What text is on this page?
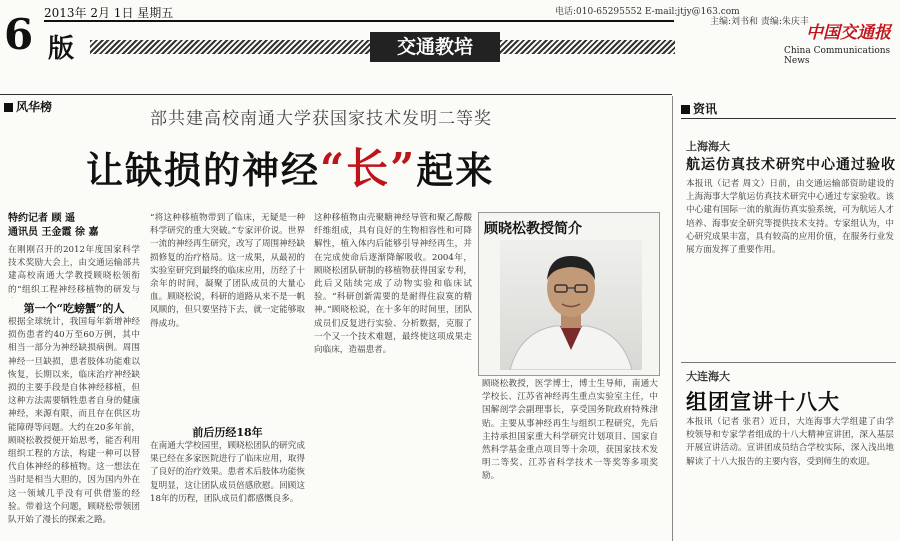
6 2013年 2月 1日 星期五
版	交通教培
电话:010-65295552 E-mail:jtjy@163.com
主编:刘书和 责编:朱庆丰
中国交通报
China Communications News
风华榜
部共建高校南通大学获国家技术发明二等奖
让缺损的神经“长”起来
特约记者 顾 遥
通讯员 王金霞 徐 嘉
在刚刚召开的2012年度国家科学技术奖励大会上，由交通运输部共建高校南通大学教授顾晓松领衔的“组织工程神经移植物的研发与
第一个“吃螃蟹”的人
根据全球统计，我国每年新增神经损伤患者约40万至60万例，其中相当一部分为神经缺损病例。周围神经一旦缺损，患者肢体功能难以恢复，长期以来，临床治疗神经缺损的主要手段是自体神经移植，但这种方法需要牺牲患者自身的健康神经，来源有限，而且存在供区功能障碍等问题。大约在20多年前，顾晓松教授便开始思考，能否利用组织工程的方法，构建一种可以替代自体神经的移植物。这一想法在当时是相当大胆的，因为国内外在这一领域几乎没有可供借鉴的经验。带着这个问题，顾晓松带领团队开始了漫长的探索之路。
“将这种移植物带到了临床，无疑是一种科学研究的重大突破。”专家评价说。世界一流的神经再生研究，改写了周围神经缺损修复的治疗格局。这一成果，从最初的实验室研究到最终的临床应用，历经了十余年的时间，凝聚了团队成员的大量心血。顾晓松说，科研的道路从来不是一帆风顺的，但只要坚持下去，就一定能够取得成功。
前后历经18年
在南通大学校园里，顾晓松团队的研究成果已经在多家医院进行了临床应用，取得了良好的治疗效果。患者术后肢体功能恢复明显，这让团队成员倍感欣慰。回顾这18年的历程，团队成员们都感慨良多。
这种移植物由壳聚糖神经导管和聚乙醇酸纤维组成，具有良好的生物相容性和可降解性，植入体内后能够引导神经再生，并在完成使命后逐渐降解吸收。2004年，顾晓松团队研制的移植物获得国家专利，此后又陆续完成了动物实验和临床试验。“科研创新需要的是耐得住寂寞的精神。”顾晓松说，在十多年的时间里，团队成员们反复进行实验、分析数据，克服了一个又一个技术难题，最终使这项成果走向临床，造福患者。
顾晓松教授简介
顾晓松教授，医学博士，博士生导师，南通大学校长、江苏省神经再生重点实验室主任，中国解剖学会副理事长，享受国务院政府特殊津贴。主要从事神经再生与组织工程研究，先后主持承担国家重大科学研究计划项目、国家自然科学基金重点项目等十余项，获国家技术发明二等奖、江苏省科学技术一等奖等多项奖励。
资讯
上海海大
航运仿真技术研究中心通过验收
本报讯（记者 周文）日前，由交通运输部资助建设的上海海事大学航运仿真技术研究中心通过专家验收。该中心建有国际一流的航海仿真实验系统，可为航运人才培养、海事安全研究等提供技术支持。专家组认为，中心研究成果丰富，具有较高的应用价值，在服务行业发展方面发挥了重要作用。
大连海大
组团宣讲十八大
本报讯（记者 张君）近日，大连海事大学组建了由学校领导和专家学者组成的十八大精神宣讲团，深入基层开展宣讲活动。宣讲团成员结合学校实际，深入浅出地解读了十八大报告的主要内容，受到师生的欢迎。
